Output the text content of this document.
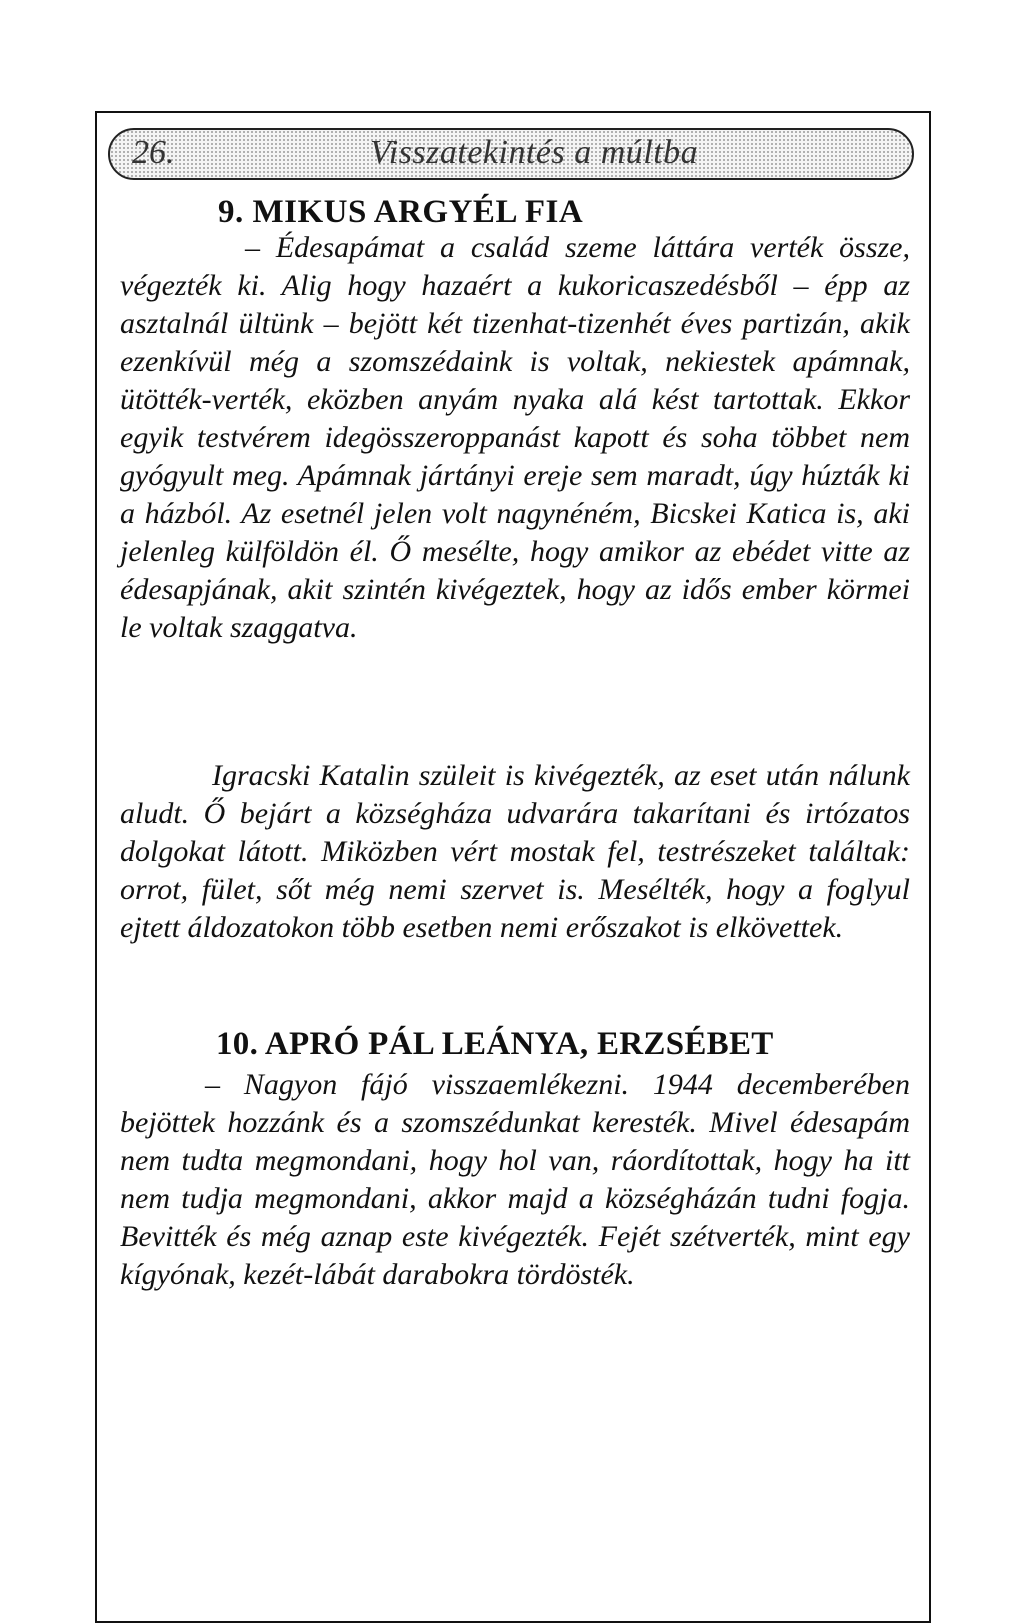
26.	Visszatekintés a múltba
9. MIKUS ARGYÉL FIA

– Édesapámat a család szeme láttára verték össze, végezték ki. Alig hogy hazaért a kukoricaszedésből – épp az asztalnál ültünk – bejött két tizenhat-tizenhét éves partizán, akik ezenkívül még a szomszédaink is voltak, nekiestek apámnak, ütötték-verték, eközben anyám nyaka alá kést tartottak. Ekkor egyik testvérem idegösszeroppanást kapott és soha többet nem gyógyult meg. Apámnak jártányi ereje sem maradt, úgy húzták ki a házból. Az esetnél jelen volt nagynéném, Bicskei Katica is, aki jelenleg külföldön él. Ő mesélte, hogy amikor az ebédet vitte az édesapjának, akit szintén kivégeztek, hogy az idős ember körmei le voltak szaggatva.

Igracski Katalin szüleit is kivégezték, az eset után nálunk aludt. Ő bejárt a községháza udvarára takarítani és irtózatos dolgokat látott. Miközben vért mostak fel, testrészeket találtak: orrot, fület, sőt még nemi szervet is. Mesélték, hogy a foglyul ejtett áldozatokon több esetben nemi erőszakot is elkövettek.

10. APRÓ PÁL LEÁNYA, ERZSÉBET

– Nagyon fájó visszaemlékezni. 1944 decemberében bejöttek hozzánk és a szomszédunkat keresték. Mivel édesapám nem tudta megmondani, hogy hol van, ráordítottak, hogy ha itt nem tudja megmondani, akkor majd a községházán tudni fogja. Bevitték és még aznap este kivégezték. Fejét szétverték, mint egy kígyónak, kezét-lábát darabokra tördösték.
